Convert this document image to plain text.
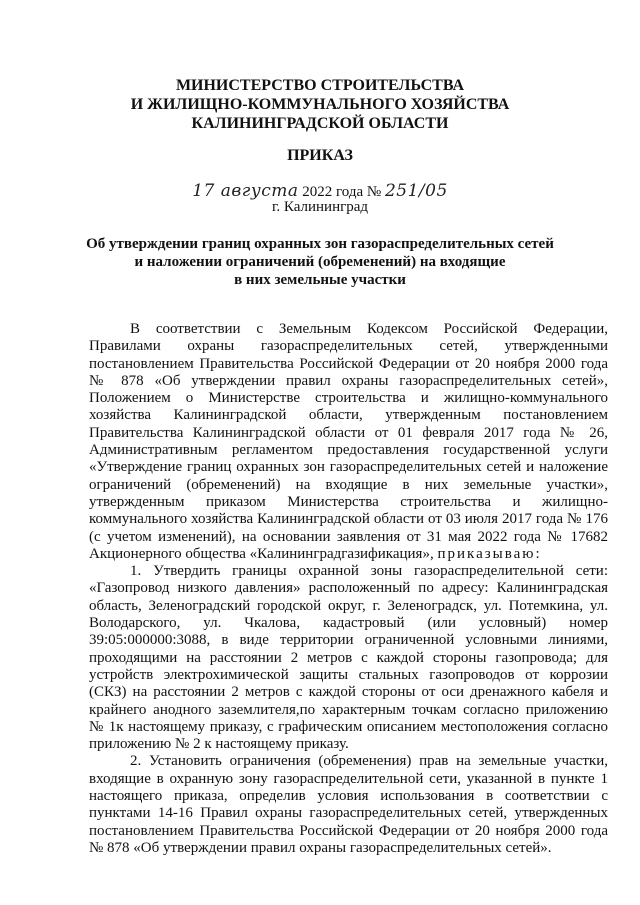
МИНИСТЕРСТВО СТРОИТЕЛЬСТВА
И ЖИЛИЩНО-КОММУНАЛЬНОГО ХОЗЯЙСТВА
КАЛИНИНГРАДСКОЙ ОБЛАСТИ
ПРИКАЗ
17 августа 2022 года № 251/05
г. Калининград
Об утверждении границ охранных зон газораспределительных сетей
и наложении ограничений (обременений) на входящие
в них земельные участки

В соответствии с Земельным Кодексом Российской Федерации, Правилами охраны газораспределительных сетей, утвержденными постановлением Правительства Российской Федерации от 20 ноября 2000 года № 878 «Об утверждении правил охраны газораспределительных сетей», Положением о Министерстве строительства и жилищно-коммунального хозяйства Калининградской области, утвержденным постановлением Правительства Калининградской области от 01 февраля 2017 года № 26, Административным регламентом предоставления государственной услуги «Утверждение границ охранных зон газораспределительных сетей и наложение ограничений (обременений) на входящие в них земельные участки», утвержденным приказом Министерства строительства и жилищно-коммунального хозяйства Калининградской области от 03 июля 2017 года № 176 (с учетом изменений), на основании заявления от 31 мая 2022 года № 17682 Акционерного общества «Калининградгазификация», приказываю:

1. Утвердить границы охранной зоны газораспределительной сети: «Газопровод низкого давления» расположенный по адресу: Калининградская область, Зеленоградский городской округ, г. Зеленоградск, ул. Потемкина, ул. Володарского, ул. Чкалова, кадастровый (или условный) номер 39:05:000000:3088, в виде территории ограниченной условными линиями, проходящими на расстоянии 2 метров с каждой стороны газопровода; для устройств электрохимической защиты стальных газопроводов от коррозии (СКЗ) на расстоянии 2 метров с каждой стороны от оси дренажного кабеля и крайнего анодного заземлителя,по характерным точкам согласно приложению № 1к настоящему приказу, с графическим описанием местоположения согласно приложению № 2 к настоящему приказу.

2. Установить ограничения (обременения) прав на земельные участки, входящие в охранную зону газораспределительной сети, указанной в пункте 1 настоящего приказа, определив условия использования в соответствии с пунктами 14-16 Правил охраны газораспределительных сетей, утвержденных постановлением Правительства Российской Федерации от 20 ноября 2000 года № 878 «Об утверждении правил охраны газораспределительных сетей».
